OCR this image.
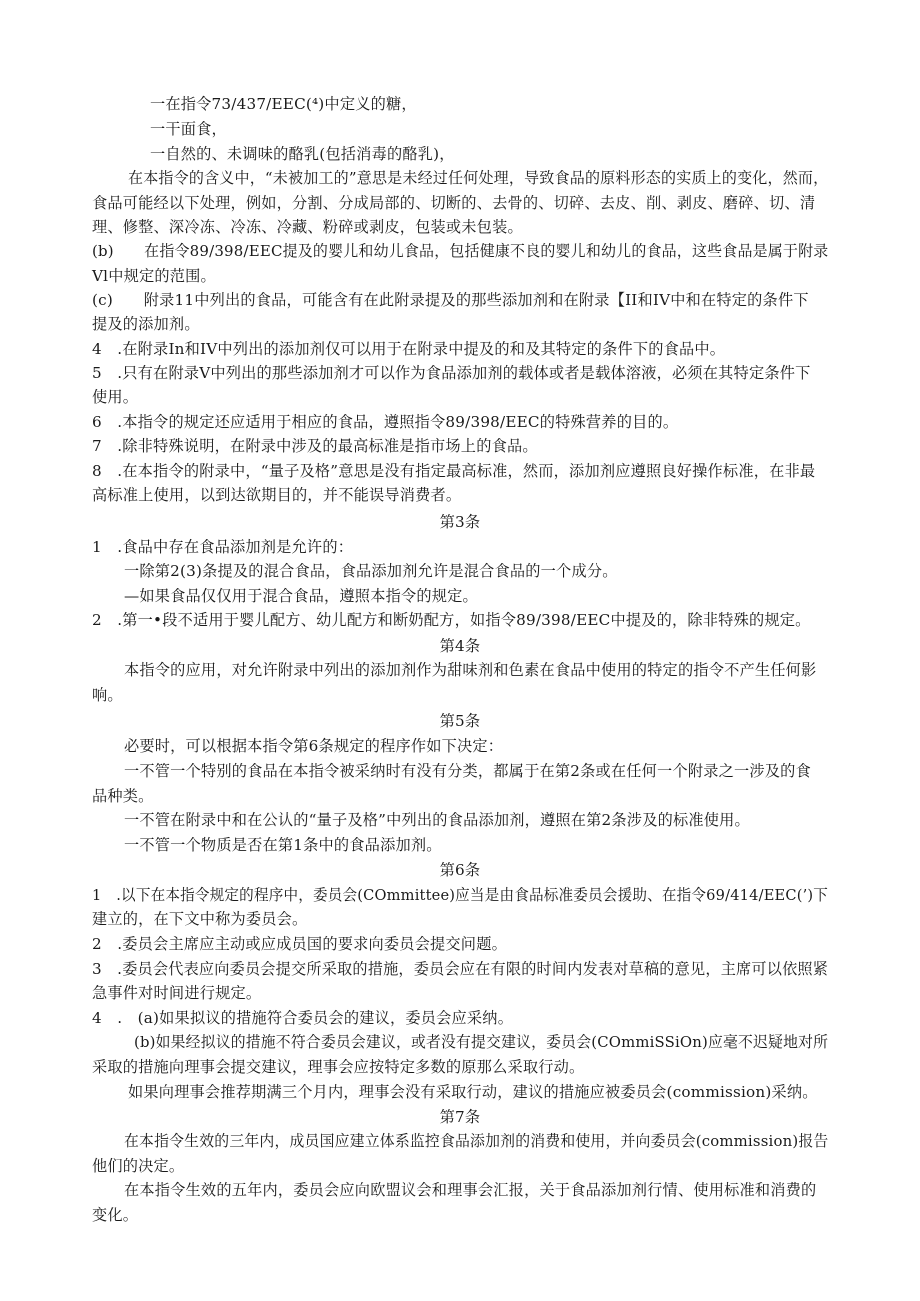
一在指令73/437/EEC(⁴)中定义的糖，

一干面食，

一自然的、未调味的酪乳(包括消毒的酪乳)，

在本指令的含义中，“未被加工的”意思是未经过任何处理，导致食品的原料形态的实质上的变化，然而，

食品可能经以下处理，例如，分割、分成局部的、切断的、去骨的、切碎、去皮、削、剥皮、磨碎、切、清

理、修整、深冷冻、冷冻、冷藏、粉碎或剥皮，包装或未包装。

(b)　　在指令89/398/EEC提及的婴儿和幼儿食品，包括健康不良的婴儿和幼儿的食品，这些食品是属于附录

Vl中规定的范围。

(c)　　附录11中列出的食品，可能含有在此附录提及的那些添加剂和在附录【II和IV中和在特定的条件下

提及的添加剂。

4　.在附录In和IV中列出的添加剂仅可以用于在附录中提及的和及其特定的条件下的食品中。

5　.只有在附录V中列出的那些添加剂才可以作为食品添加剂的载体或者是载体溶液，必须在其特定条件下

使用。

6　.本指令的规定还应适用于相应的食品，遵照指令89/398/EEC的特殊营养的目的。

7　.除非特殊说明，在附录中涉及的最高标准是指市场上的食品。

8　.在本指令的附录中，“量子及格”意思是没有指定最高标准，然而，添加剂应遵照良好操作标准，在非最

高标准上使用，以到达欲期目的，并不能误导消费者。

第3条

1　.食品中存在食品添加剂是允许的：

一除第2(3)条提及的混合食品，食品添加剂允许是混合食品的一个成分。

—如果食品仅仅用于混合食品，遵照本指令的规定。

2　.第一•段不适用于婴儿配方、幼儿配方和断奶配方，如指令89/398/EEC中提及的，除非特殊的规定。

第4条

本指令的应用，对允许附录中列出的添加剂作为甜味剂和色素在食品中使用的特定的指令不产生任何影

响。

第5条

必要时，可以根据本指令第6条规定的程序作如下决定：

一不管一个特别的食品在本指令被采纳时有没有分类，都属于在第2条或在任何一个附录之一涉及的食

品种类。

一不管在附录中和在公认的“量子及格”中列出的食品添加剂，遵照在第2条涉及的标准使用。

一不管一个物质是否在第1条中的食品添加剂。

第6条

1　.以下在本指令规定的程序中，委员会(COmmittee)应当是由食品标准委员会援助、在指令69/414/EEC(’)下

建立的，在下文中称为委员会。

2　.委员会主席应主动或应成员国的要求向委员会提交问题。

3　.委员会代表应向委员会提交所采取的措施，委员会应在有限的时间内发表对草稿的意见，主席可以依照紧

急事件对时间进行规定。

4　.　(a)如果拟议的措施符合委员会的建议，委员会应采纳。

(b)如果经拟议的措施不符合委员会建议，或者没有提交建议，委员会(COmmiSSiOn)应毫不迟疑地对所

采取的措施向理事会提交建议，理事会应按特定多数的原那么采取行动。

如果向理事会推荐期满三个月内，理事会没有采取行动，建议的措施应被委员会(commission)采纳。

第7条

在本指令生效的三年内，成员国应建立体系监控食品添加剂的消费和使用，并向委员会(commission)报告

他们的决定。

在本指令生效的五年内，委员会应向欧盟议会和理事会汇报，关于食品添加剂行情、使用标准和消费的

变化。
